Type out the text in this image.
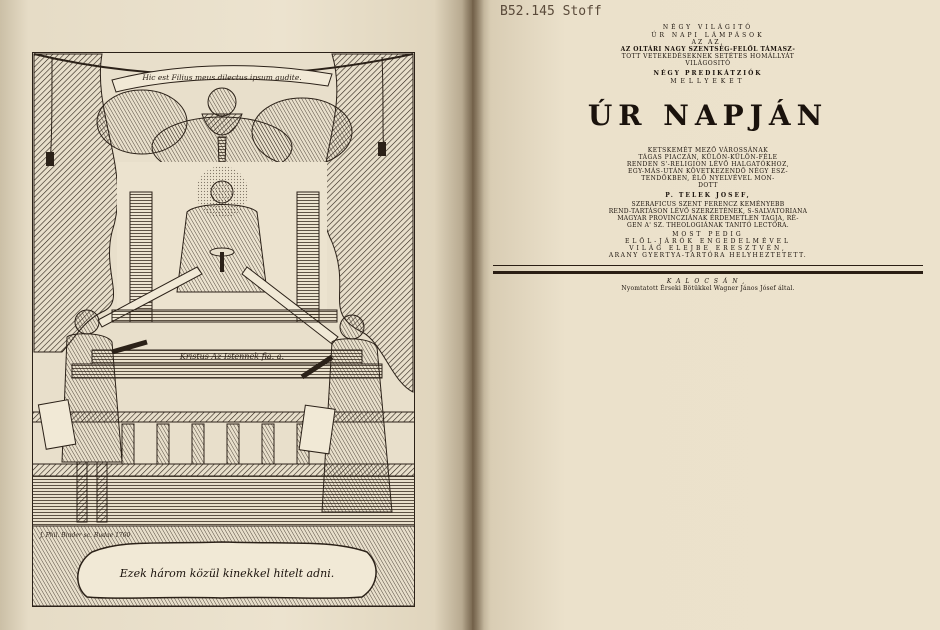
Hic est Filius meus dilectus ipsum audite.
Kristus Az Istennek fia. a.
J. Phil. Binder sc. Budae 1760
Ezek három közül kinekkel hitelt adni.
B52.145 Stoff
NÉGY VILÁGITÓ
ÚR NAPI LÁMPÁSOK
AZ AZ,
AZ OLTÁRI NAGY SZENTSÉG-FELŐL TÁMASZ-
TOTT VETEKEDÉSEKNEK SETÉTES HOMÁLLYÁT
VILÁGOSITÓ
NÉGY PREDIKÁTZIÓK
MELLYEKET
ÚR NAPJÁN
KETSKEMÉT MEZŐ VÁROSSÁNAK
TÁGAS PIACZÁN, KÜLÖN-KÜLÖN-FÉLE
RENDEN S'-RELIGION LÉVŐ HALGATÓKHOZ,
EGY-MÁS-UTÁN KÖVETKEZENDŐ NÉGY ESZ-
TENDŐKBEN, ÉLŐ NYELVÉVEL MON-
DOTT
P. TELEK JOSEF,
SZERAFICUS SZENT FERENCZ KEMÉNYEBB
REND-TARTÁSON LÉVŐ SZERZETÉNEK, S-SALVATORIANA
MAGYAR PROVINCZIÁNAK ÉRDEMETLEN TAGJA, RÉ-
GEN A' SZ. THEOLOGIÁNAK TANITÓ LECTORA.
MOST PEDIG
ELŐL-JÁRÓK ENGEDELMÉVEL
VILÁG ELEJBE ERESZTVÉN,
ARANY GYERTYA-TARTÓRA HELYHEZTETETT.
KALOCSÁN,
Nyomtatott Érseki Bötükkel Wagner János Jósef által.
